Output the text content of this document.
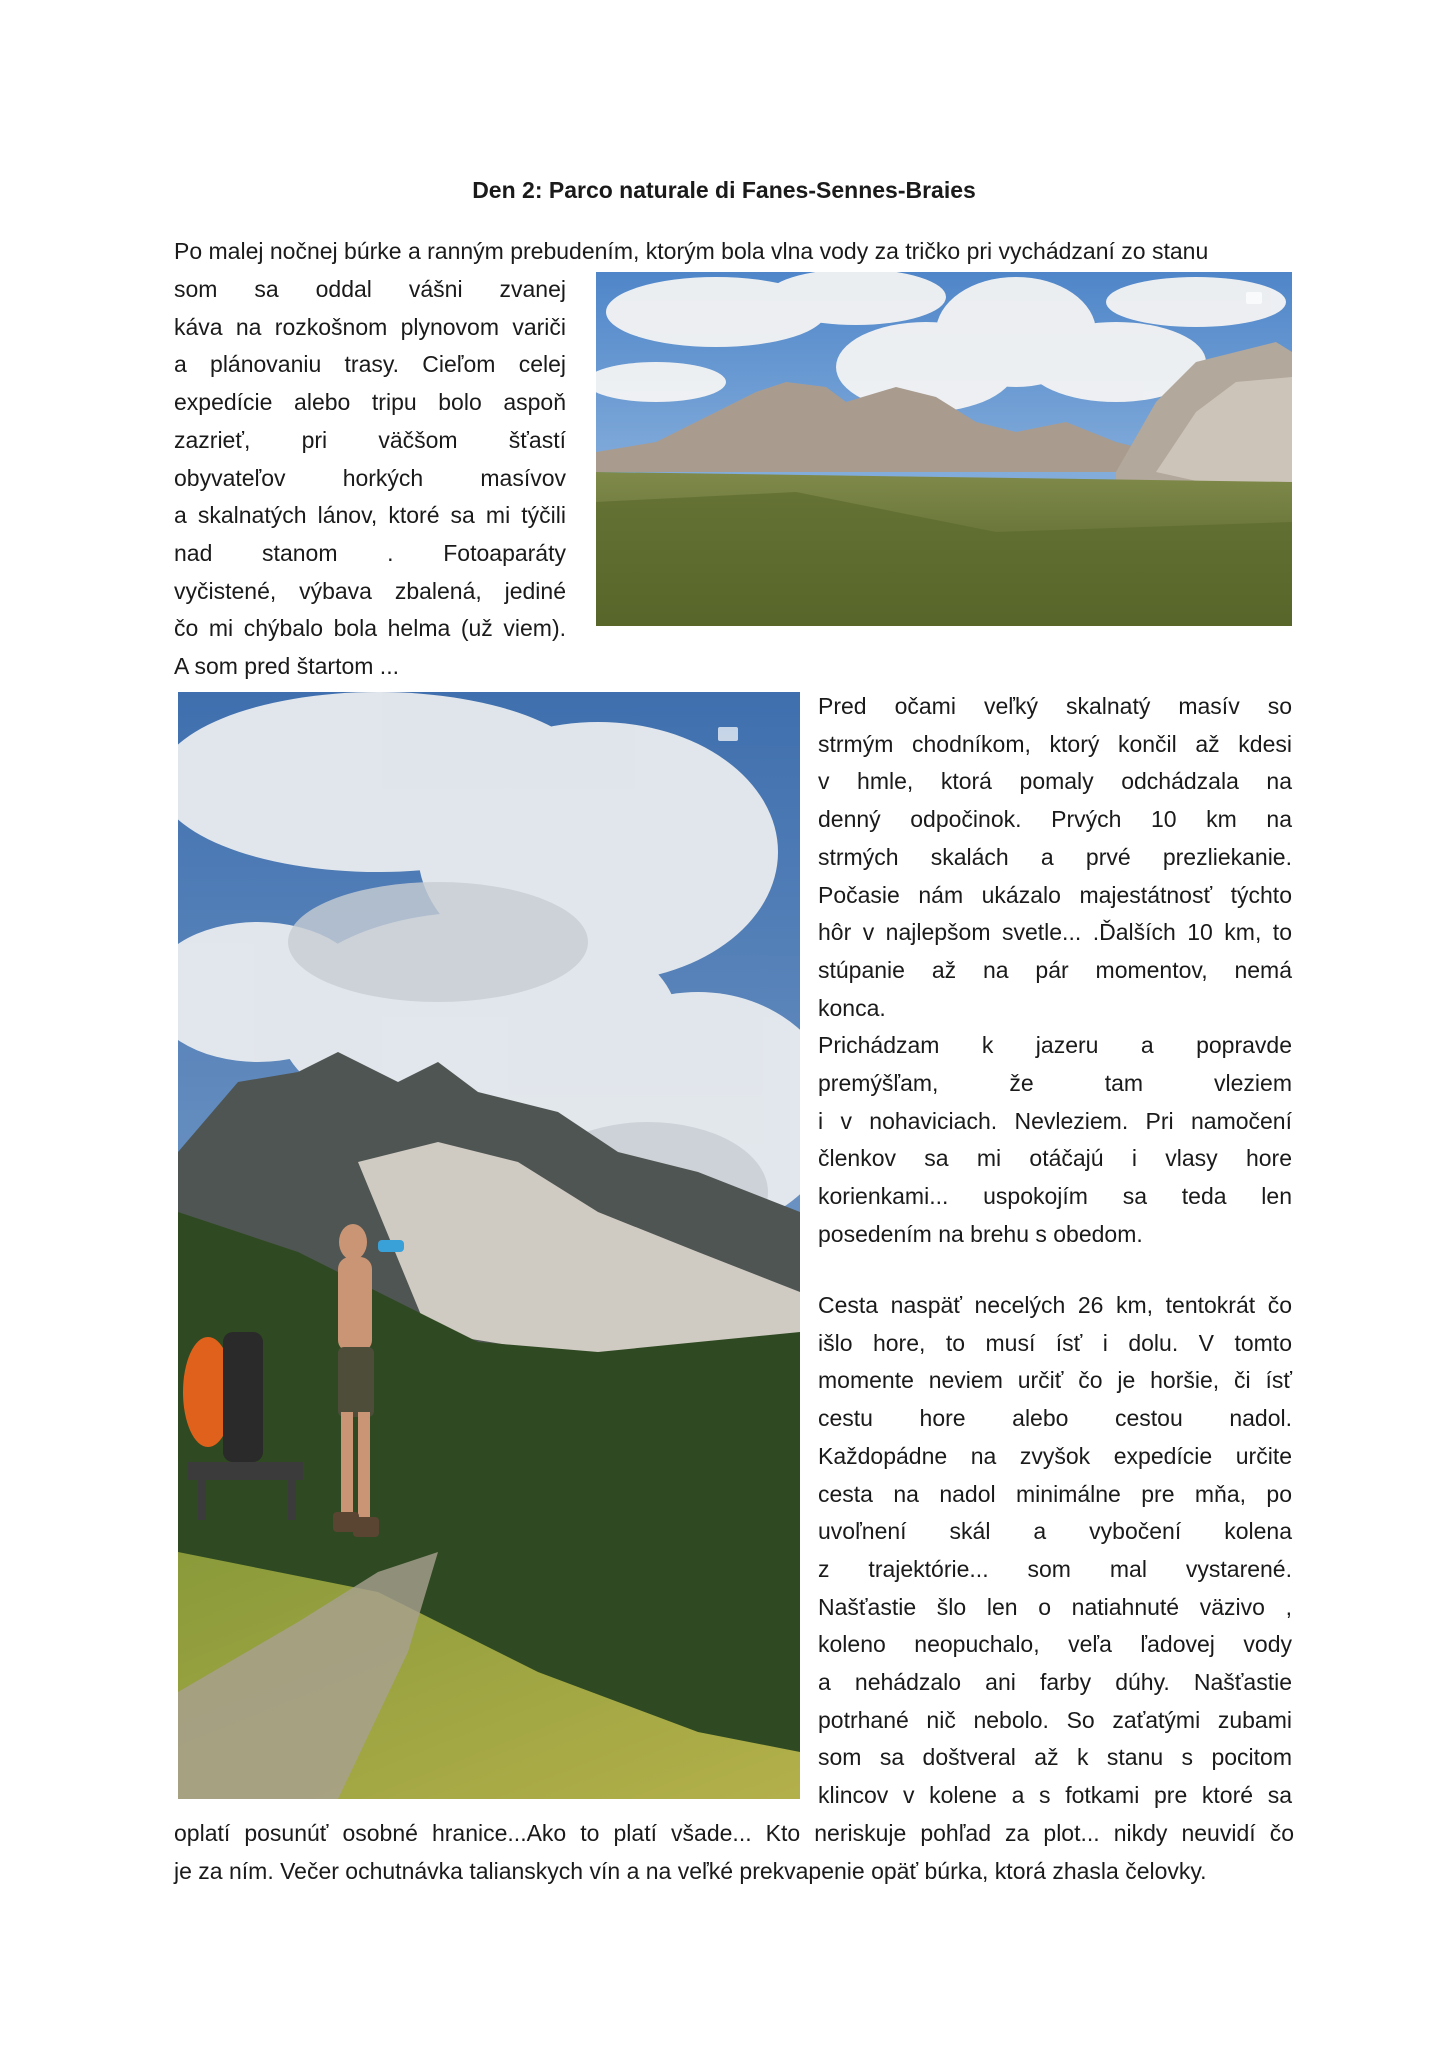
Den 2: Parco naturale di Fanes-Sennes-Braies

Po malej nočnej búrke a ranným prebudením, ktorým bola vlna vody za tričko pri vychádzaní zo stanu

som sa oddal vášni zvanej
káva na rozkošnom plynovom variči
a plánovaniu trasy. Cieľom celej
expedície alebo tripu bolo aspoň
zazrieť, pri väčšom šťastí
obyvateľov horkých masívov
a skalnatých lánov, ktoré sa mi týčili
nad stanom . Fotoaparáty
vyčistené, výbava zbalená, jediné
čo mi chýbalo bola helma (už viem).
A som pred štartom ...
Pred očami veľký skalnatý masív so
strmým chodníkom, ktorý končil až kdesi
v hmle, ktorá pomaly odchádzala na
denný odpočinok. Prvých 10 km na
strmých skalách a prvé prezliekanie.
Počasie nám ukázalo majestátnosť týchto
hôr v najlepšom svetle... .Ďalších 10 km, to
stúpanie až na pár momentov, nemá
konca.
Prichádzam k jazeru a popravde
premýšľam, že tam vleziem
i v nohaviciach. Nevleziem. Pri namočení
členkov sa mi otáčajú i vlasy hore
korienkami... uspokojím sa teda len
posedením na brehu s obedom.
Cesta naspäť necelých 26 km, tentokrát čo
išlo hore, to musí ísť i dolu. V tomto
momente neviem určiť čo je horšie, či ísť
cestu hore alebo cestou nadol.
Každopádne na zvyšok expedície určite
cesta na nadol minimálne pre mňa, po
uvoľnení skál a vybočení kolena
z trajektórie... som mal vystarené.
Našťastie šlo len o natiahnuté väzivo ,
koleno neopuchalo, veľa ľadovej vody
a nehádzalo ani farby dúhy. Našťastie
potrhané nič nebolo. So zaťatými zubami
som sa doštveral až k stanu s pocitom
klincov v kolene a s fotkami pre ktoré sa
oplatí posunúť osobné hranice...Ako to platí všade... Kto neriskuje pohľad za plot... nikdy neuvidí čo
je za ním. Večer ochutnávka talianskych vín a na veľké prekvapenie opäť búrka, ktorá zhasla čelovky.
